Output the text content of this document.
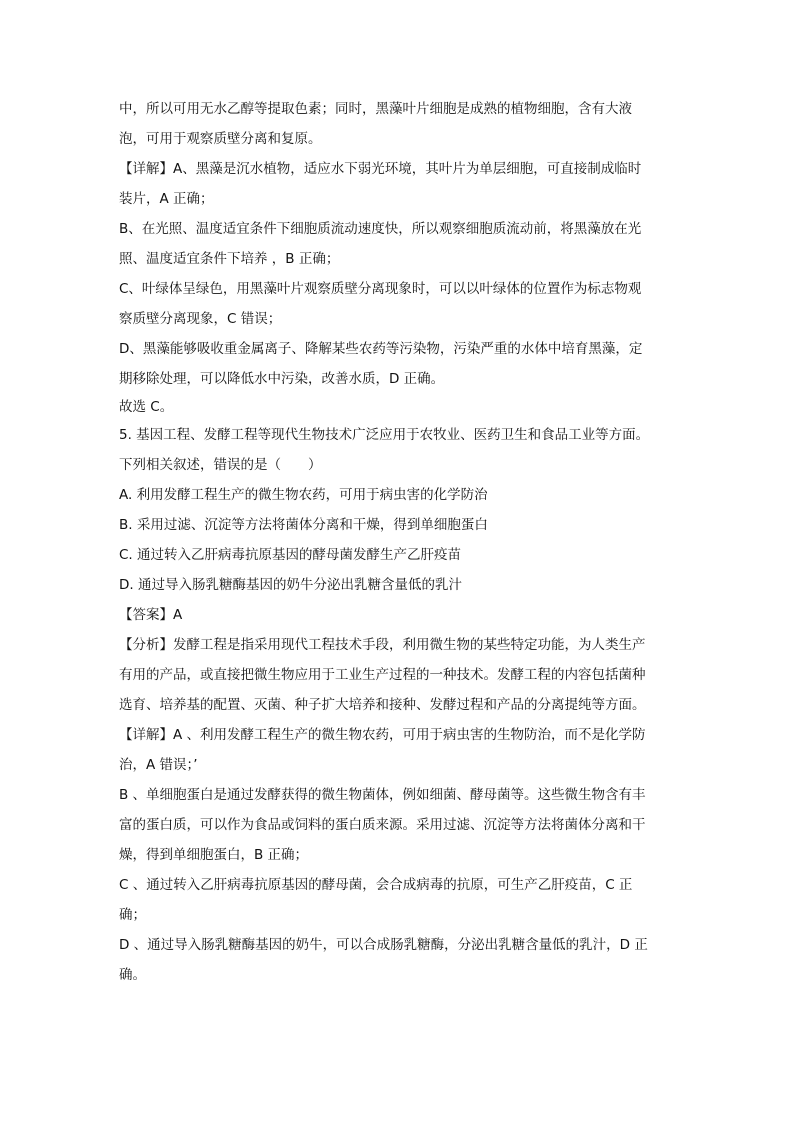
中，所以可用无水乙醇等提取色素；同时，黑藻叶片细胞是成熟的植物细胞，含有大液
泡，可用于观察质壁分离和复原。
【详解】A、黑藻是沉水植物，适应水下弱光环境，其叶片为单层细胞，可直接制成临时
装片，A 正确；
B、在光照、温度适宜条件下细胞质流动速度快，所以观察细胞质流动前，将黑藻放在光
照、温度适宜条件下培养 ，B 正确；
C、叶绿体呈绿色，用黑藻叶片观察质壁分离现象时，可以以叶绿体的位置作为标志物观
察质壁分离现象，C 错误；
D、黑藻能够吸收重金属离子、降解某些农药等污染物，污染严重的水体中培育黑藻，定
期移除处理，可以降低水中污染，改善水质，D 正确。
故选 C。
5. 基因工程、发酵工程等现代生物技术广泛应用于农牧业、医药卫生和食品工业等方面。
下列相关叙述，错误的是（　　）
A. 利用发酵工程生产的微生物农药，可用于病虫害的化学防治
B. 采用过滤、沉淀等方法将菌体分离和干燥，得到单细胞蛋白
C. 通过转入乙肝病毒抗原基因的酵母菌发酵生产乙肝疫苗
D. 通过导入肠乳糖酶基因的奶牛分泌出乳糖含量低的乳汁
【答案】A
【分析】发酵工程是指采用现代工程技术手段，利用微生物的某些特定功能，为人类生产
有用的产品，或直接把微生物应用于工业生产过程的一种技术。发酵工程的内容包括菌种
选育、培养基的配置、灭菌、种子扩大培养和接种、发酵过程和产品的分离提纯等方面。
【详解】A 、利用发酵工程生产的微生物农药，可用于病虫害的生物防治，而不是化学防
治，A 错误；’
B 、单细胞蛋白是通过发酵获得的微生物菌体，例如细菌、酵母菌等。这些微生物含有丰
富的蛋白质，可以作为食品或饲料的蛋白质来源。采用过滤、沉淀等方法将菌体分离和干
燥，得到单细胞蛋白，B 正确；
C 、通过转入乙肝病毒抗原基因的酵母菌，会合成病毒的抗原，可生产乙肝疫苗，C 正
确；
D 、通过导入肠乳糖酶基因的奶牛，可以合成肠乳糖酶，分泌出乳糖含量低的乳汁，D 正
确。
